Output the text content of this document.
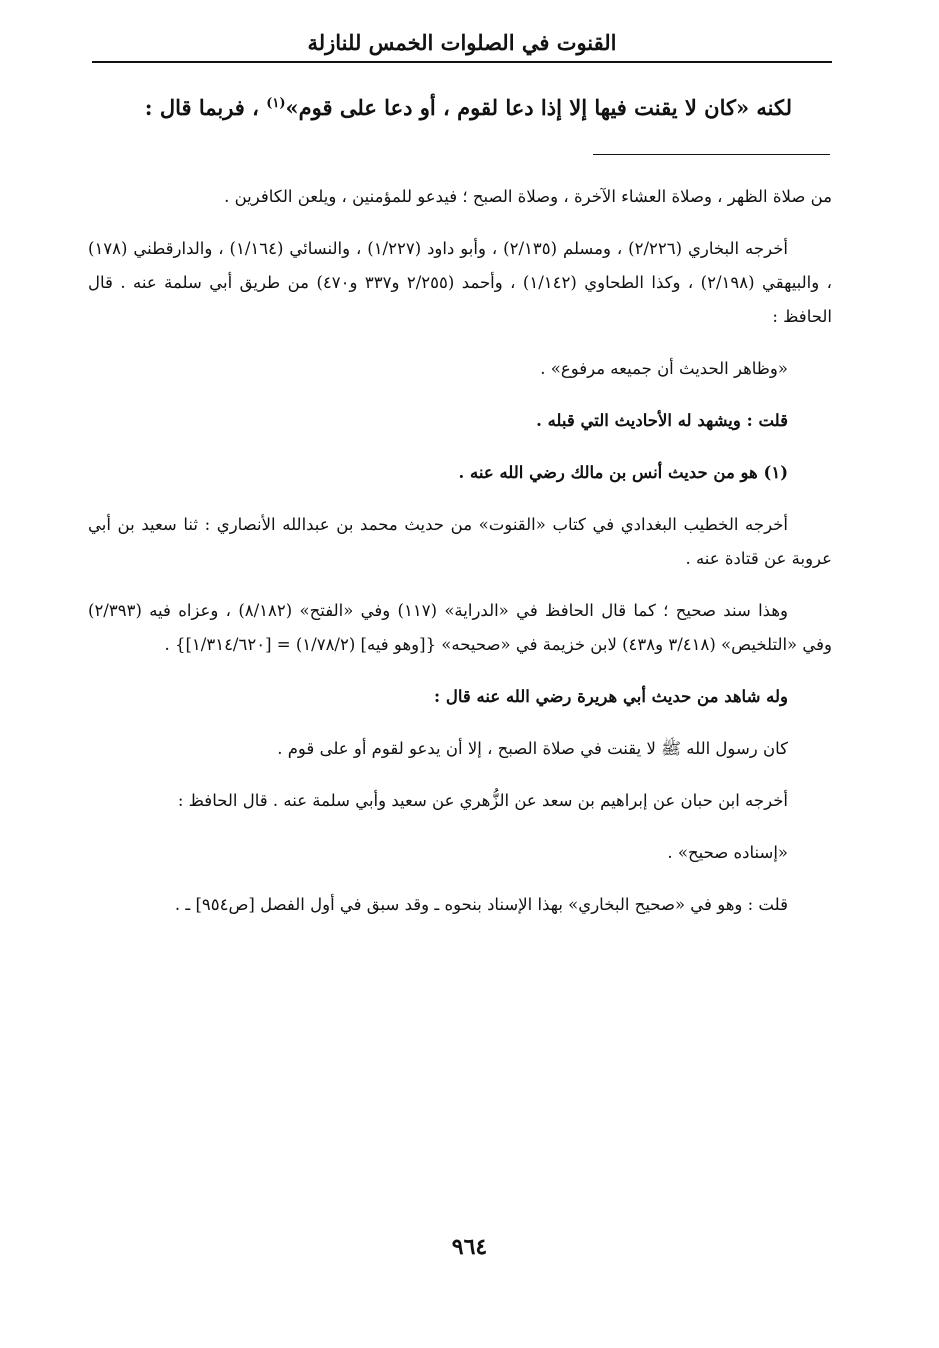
القنوت في الصلوات الخمس للنازلة
لكنه «كان لا يقنت فيها إلا إذا دعا لقوم ، أو دعا على قوم»$^{(١)}$ ، فربما قال :

من صلاة الظهر ، وصلاة العشاء الآخرة ، وصلاة الصبح ؛ فيدعو للمؤمنين ، ويلعن الكافرين .

أخرجه البخاري (٢/٢٢٦) ، ومسلم (٢/١٣٥) ، وأبو داود (١/٢٢٧) ، والنسائي (١/١٦٤) ، والدارقطني (١٧٨) ، والبيهقي (٢/١٩٨) ، وكذا الطحاوي (١/١٤٢) ، وأحمد (٢/٢٥٥ و٣٣٧ و٤٧٠) من طريق أبي سلمة عنه . قال الحافظ :

«وظاهر الحديث أن جميعه مرفوع» .

قلت : ويشهد له الأحاديث التي قبله .

(١) هو من حديث أنس بن مالك رضي الله عنه .

أخرجه الخطيب البغدادي في كتاب «القنوت» من حديث محمد بن عبدالله الأنصاري : ثنا سعيد بن أبي عروبة عن قتادة عنه .

وهذا سند صحيح ؛ كما قال الحافظ في «الدراية» (١١٧) وفي «الفتح» (٨/١٨٢) ، وعزاه فيه (٢/٣٩٣) وفي «التلخيص» (٣/٤١٨ و٤٣٨) لابن خزيمة في «صحيحه» {[وهو فيه] (١/٧٨/٢) = [١/٣١٤/٦٢٠]} .

وله شاهد من حديث أبي هريرة رضي الله عنه قال :

كان رسول الله ﷺ لا يقنت في صلاة الصبح ، إلا أن يدعو لقوم أو على قوم .

أخرجه ابن حبان عن إبراهيم بن سعد عن الزُّهري عن سعيد وأبي سلمة عنه . قال الحافظ :

«إسناده صحيح» .

قلت : وهو في «صحيح البخاري» بهذا الإسناد بنحوه ـ وقد سبق في أول الفصل [ص٩٥٤] ـ .

٩٦٤
